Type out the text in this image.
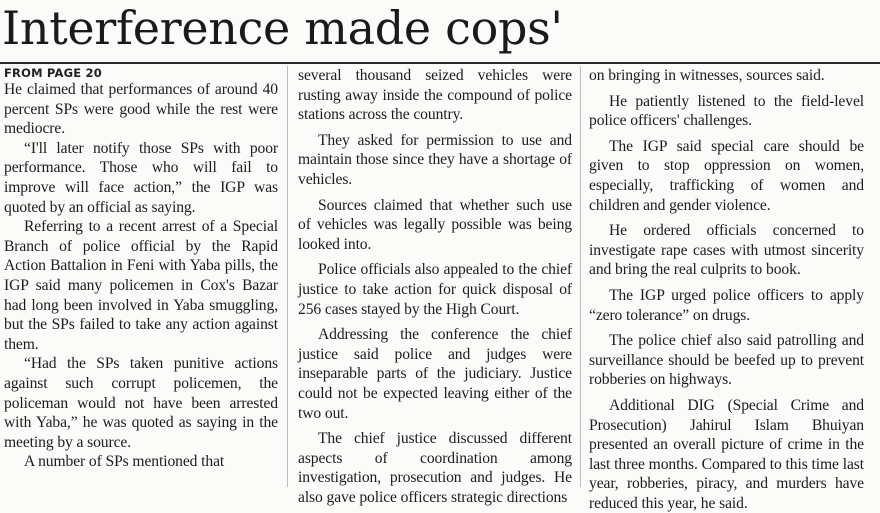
Interference made cops'
FROM PAGE 20

He claimed that performances of around 40 percent SPs were good while the rest were mediocre.

“I'll later notify those SPs with poor performance. Those who will fail to improve will face action,” the IGP was quoted by an official as saying.

Referring to a recent arrest of a Special Branch of police official by the Rapid Action Battalion in Feni with Yaba pills, the IGP said many policemen in Cox's Bazar had long been involved in Yaba smuggling, but the SPs failed to take any action against them.

“Had the SPs taken punitive actions against such corrupt policemen, the policeman would not have been arrested with Yaba,” he was quoted as saying in the meeting by a source.

A number of SPs mentioned that

several thousand seized vehicles were rusting away inside the compound of police stations across the country.

They asked for permission to use and maintain those since they have a shortage of vehicles.

Sources claimed that whether such use of vehicles was legally possible was being looked into.

Police officials also appealed to the chief justice to take action for quick disposal of 256 cases stayed by the High Court.

Addressing the conference the chief justice said police and judges were inseparable parts of the judiciary. Justice could not be expected leaving either of the two out.

The chief justice discussed different aspects of coordination among investigation, prosecution and judges. He also gave police officers strategic directions

on bringing in witnesses, sources said.

He patiently listened to the field-level police officers' challenges.

The IGP said special care should be given to stop oppression on women, especially, trafficking of women and children and gender violence.

He ordered officials concerned to investigate rape cases with utmost sincerity and bring the real culprits to book.

The IGP urged police officers to apply “zero tolerance” on drugs.

The police chief also said patrolling and surveillance should be beefed up to prevent robberies on highways.

Additional DIG (Special Crime and Prosecution) Jahirul Islam Bhuiyan presented an overall picture of crime in the last three months. Compared to this time last year, robberies, piracy, and murders have reduced this year, he said.
